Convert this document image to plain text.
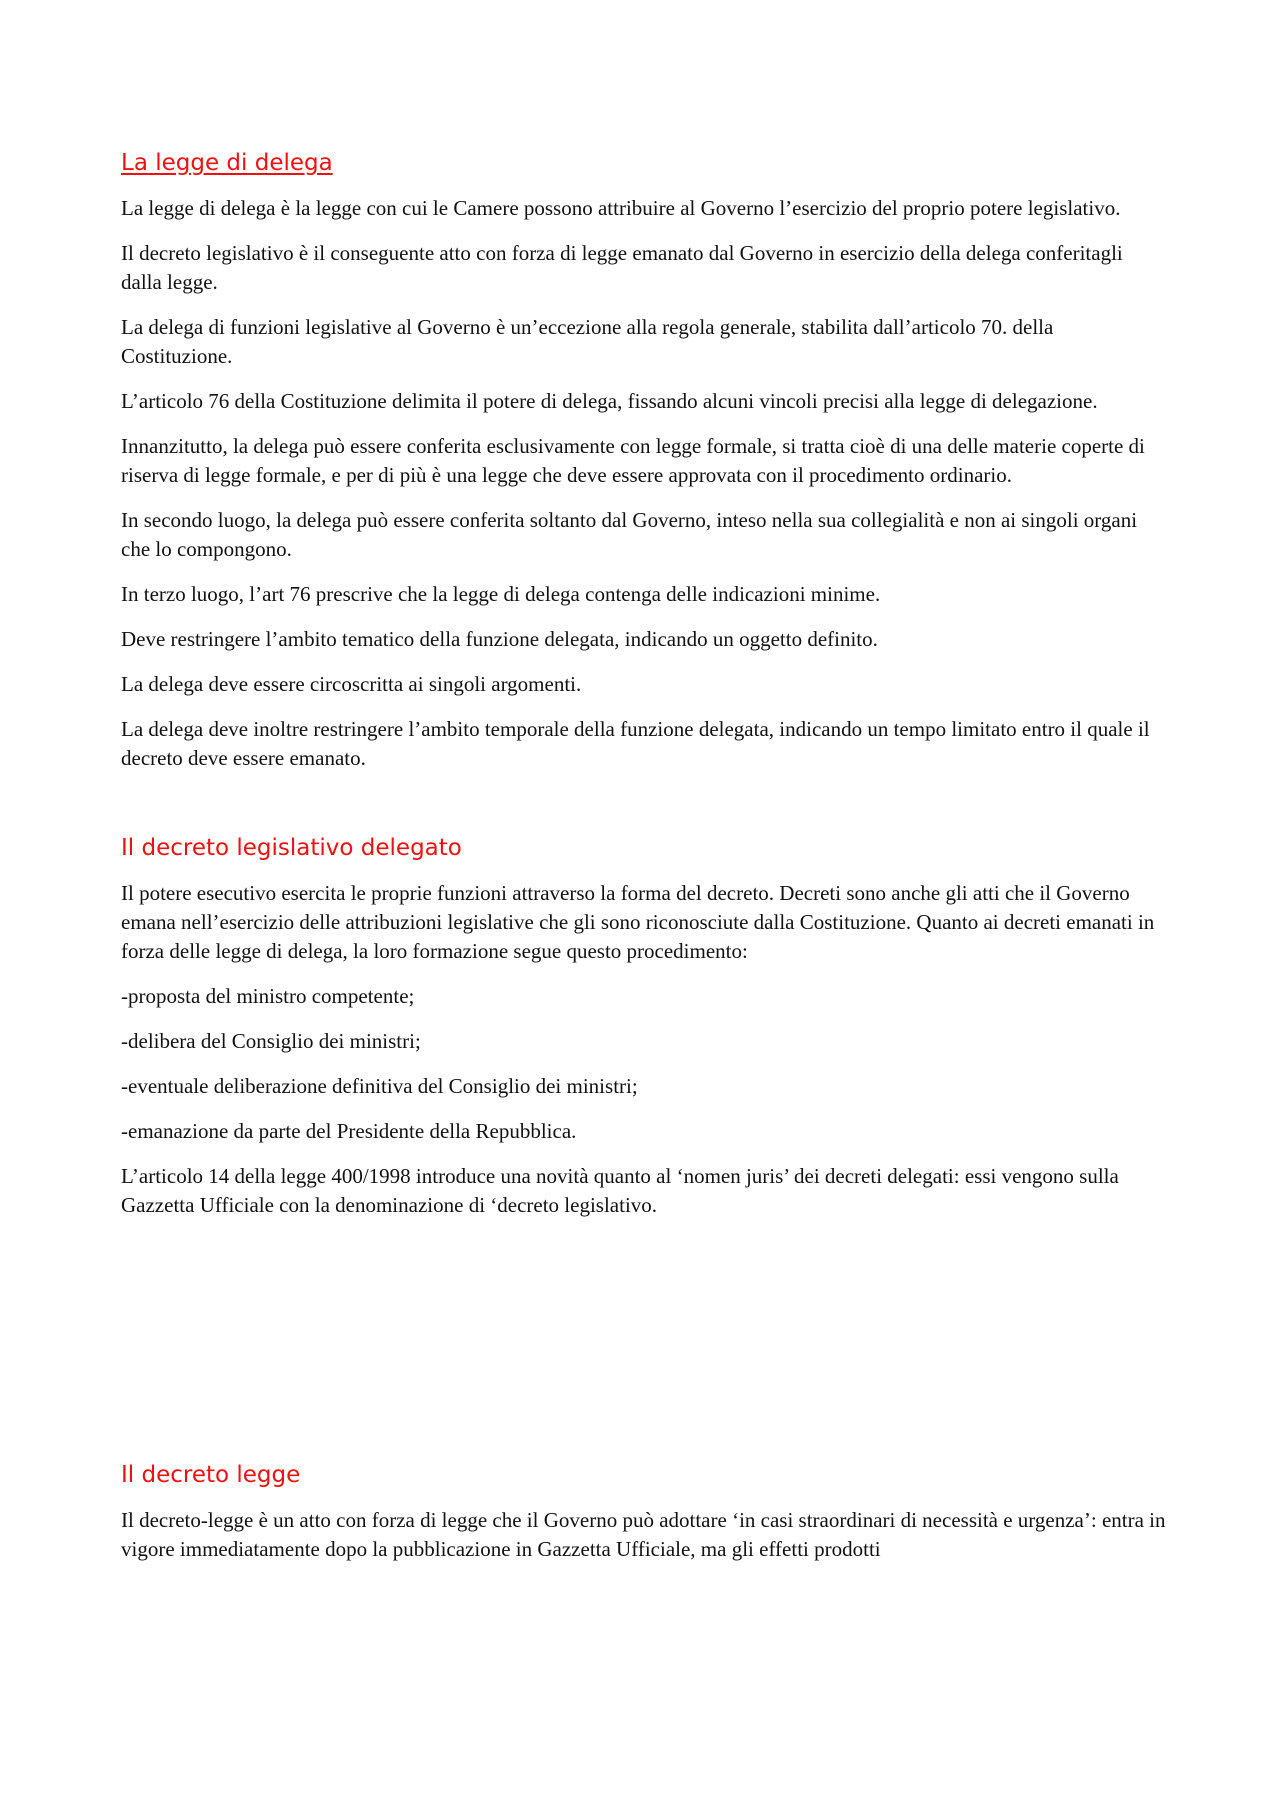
La legge di delega

La legge di delega è la legge con cui le Camere possono attribuire al Governo l’esercizio del proprio potere legislativo.

Il decreto legislativo è il conseguente atto con forza di legge emanato dal Governo in esercizio della delega conferitagli dalla legge.

La delega di funzioni legislative al Governo è un’eccezione alla regola generale, stabilita dall’articolo 70. della Costituzione.

L’articolo 76 della Costituzione delimita il potere di delega, fissando alcuni vincoli precisi alla legge di delegazione.

Innanzitutto, la delega può essere conferita esclusivamente con legge formale, si tratta cioè di una delle materie coperte di riserva di legge formale, e per di più è una legge che deve essere approvata con il procedimento ordinario.

In secondo luogo, la delega può essere conferita soltanto dal Governo, inteso nella sua collegialità e non ai singoli organi che lo compongono.

In terzo luogo, l’art 76 prescrive che la legge di delega contenga delle indicazioni minime.

Deve restringere l’ambito tematico della funzione delegata, indicando un oggetto definito.

La delega deve essere circoscritta ai singoli argomenti.

La delega deve inoltre restringere l’ambito temporale della funzione delegata, indicando un tempo limitato entro il quale il decreto deve essere emanato.

Il decreto legislativo delegato

Il potere esecutivo esercita le proprie funzioni attraverso la forma del decreto. Decreti sono anche gli atti che il Governo emana nell’esercizio delle attribuzioni legislative che gli sono riconosciute dalla Costituzione. Quanto ai decreti emanati in forza delle legge di delega, la loro formazione segue questo procedimento:

-proposta del ministro competente;

-delibera del Consiglio dei ministri;

-eventuale deliberazione definitiva del Consiglio dei ministri;

-emanazione da parte del Presidente della Repubblica.

L’articolo 14 della legge 400/1998 introduce una novità quanto al ‘nomen juris’ dei decreti delegati: essi vengono sulla Gazzetta Ufficiale con la denominazione di ‘decreto legislativo.

Il decreto legge

Il decreto-legge è un atto con forza di legge che il Governo può adottare ‘in casi straordinari di necessità e urgenza’: entra in vigore immediatamente dopo la pubblicazione in Gazzetta Ufficiale, ma gli effetti prodotti
